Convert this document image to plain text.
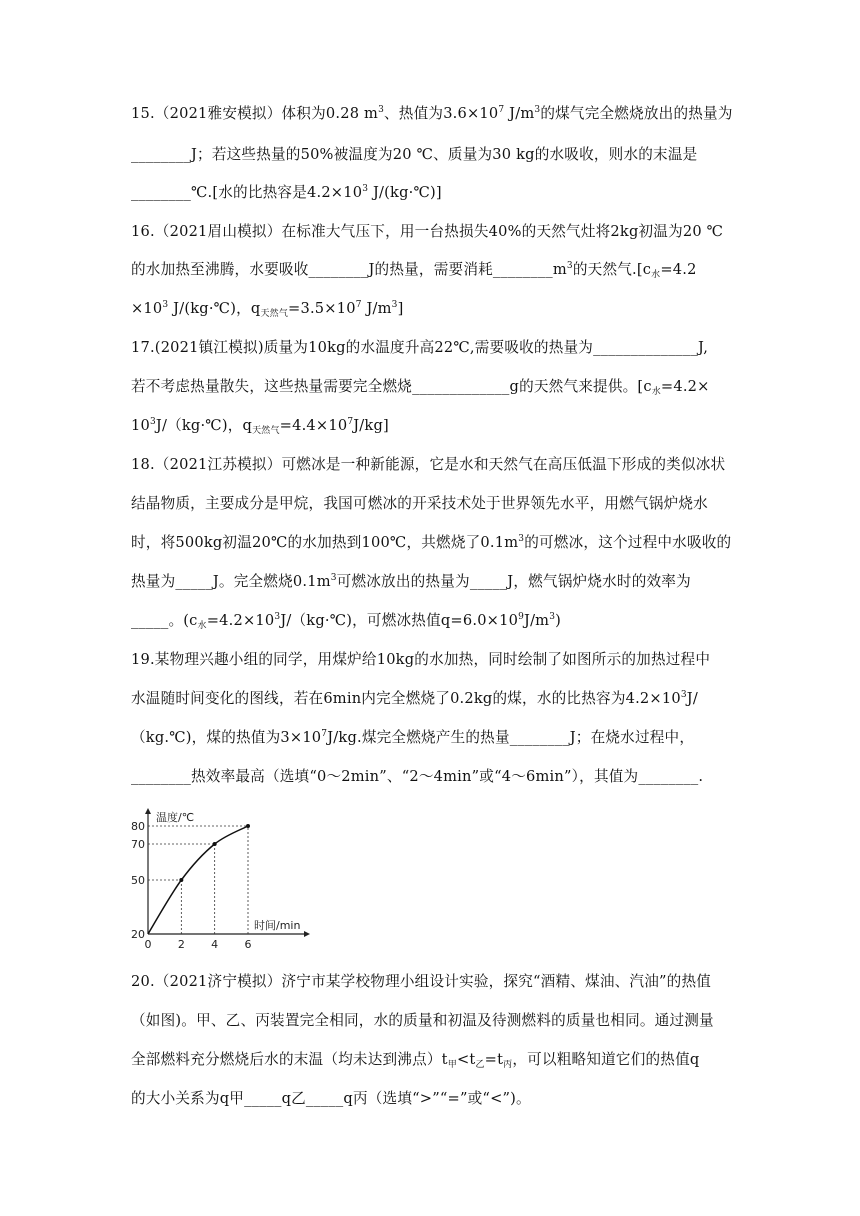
15.（2021雅安模拟）体积为0.28 $m^3$、热值为$3.6\times 10^7$ $J/m^3$的煤气完全燃烧放出的热量为
________J；若这些热量的50%被温度为20 ℃、质量为30 kg的水吸收，则水的末温是
________℃.[水的比热容是$4.2\times 10^3$ J/(kg·℃)]
16.（2021眉山模拟）在标准大气压下，用一台热损失40%的天然气灶将2kg初温为20 ℃
的水加热至沸腾，水要吸收________J的热量，需要消耗$\_\_\_\_\_\_\_\_m^3$的天然气$.[c_水=4.2$
$\times 10^3$ J/(kg·℃)，$q_{天然气}=3.5\times 10^7$ $J/m^3$]
17.(2021镇江模拟)质量为10kg的水温度升高22℃,需要吸收的热量为______________J,
若不考虑热量散失，这些热量需要完全燃烧_____________g的天然气来提供。[$c_水=4.2\times$
$10^3J/(kg\cdot℃)$，$q_{天然气}=4.4\times 10^7J/kg$]
18.（2021江苏模拟）可燃冰是一种新能源，它是水和天然气在高压低温下形成的类似冰状
结晶物质，主要成分是甲烷，我国可燃冰的开采技术处于世界领先水平，用燃气锅炉烧水
时，将500kg初温20℃的水加热到100℃，共燃烧了$0.1m^3$的可燃冰，这个过程中水吸收的
热量为_____J。完全燃烧$0.1m^3$可燃冰放出的热量为_____J，燃气锅炉烧水时的效率为
_____。($c_水=4.2\times 10^3J/(kg\cdot℃)$，可燃冰热值$q=6.0\times 10^9J/m^3$)
19.某物理兴趣小组的同学，用煤炉给10kg的水加热，同时绘制了如图所示的加热过程中
水温随时间变化的图线，若在6min内完全燃烧了0.2kg的煤，水的比热容为$4.2\times 10^3J/$
（kg.℃)，煤的热值为$3\times 10^7J/kg$.煤完全燃烧产生的热量________J；在烧水过程中，
________热效率最高（选填“0～2min”、“2～4min”或“4～6min”），其值为________.
20
50
70
80
0 2 4 6
温度/℃
时间/min
20.（2021济宁模拟）济宁市某学校物理小组设计实验，探究“酒精、煤油、汽油”的热值
（如图)。甲、乙、丙装置完全相同，水的质量和初温及待测燃料的质量也相同。通过测量
全部燃料充分燃烧后水的末温（均未达到沸点）$t_甲<t_乙=t_丙$，可以粗略知道它们的热值q
的大小关系为q甲_____q乙_____q丙（选填“>”“=”或“<”)。
